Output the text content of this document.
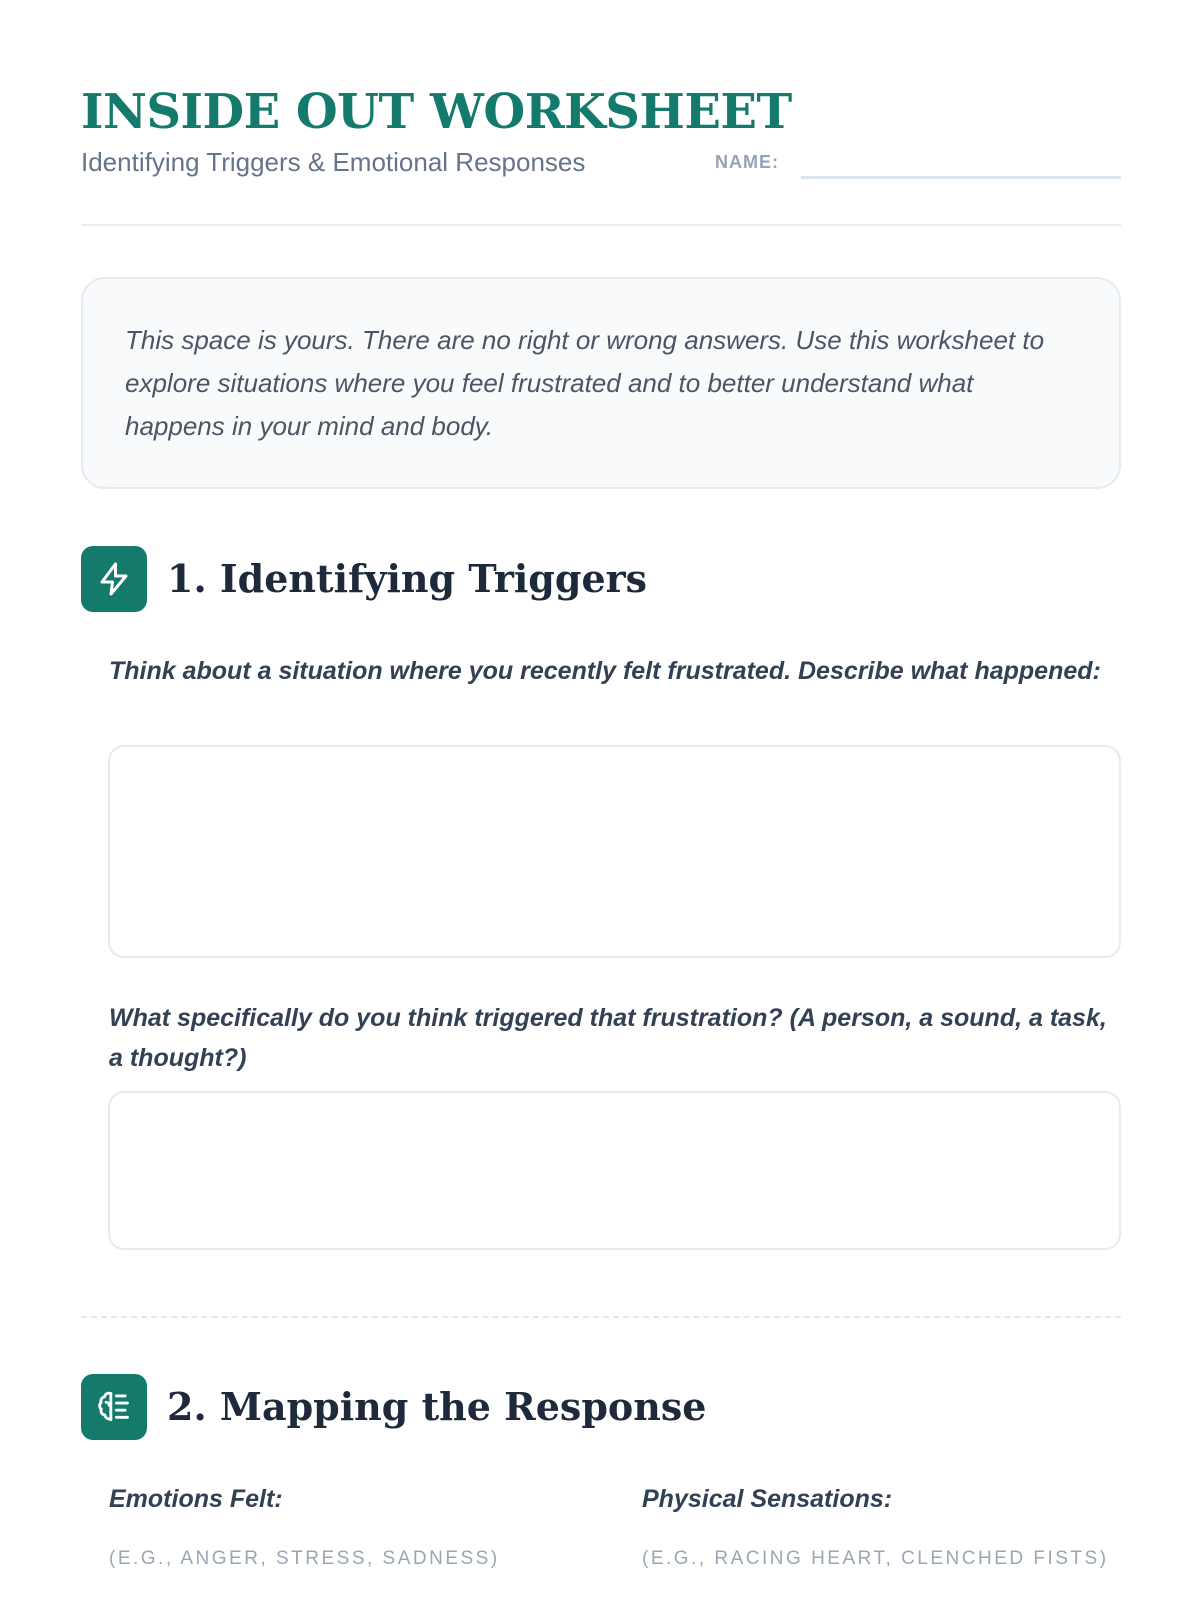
INSIDE OUT WORKSHEET
Identifying Triggers & Emotional Responses	NAME:
This space is yours. There are no right or wrong answers. Use this worksheet to explore situations where you feel frustrated and to better understand what happens in your mind and body.
1. Identifying Triggers

Think about a situation where you recently felt frustrated. Describe what happened:

What specifically do you think triggered that frustration? (A person, a sound, a task, a thought?)

2. Mapping the Response

Emotions Felt:

(E.G., ANGER, STRESS, SADNESS)

Physical Sensations:

(E.G., RACING HEART, CLENCHED FISTS)
